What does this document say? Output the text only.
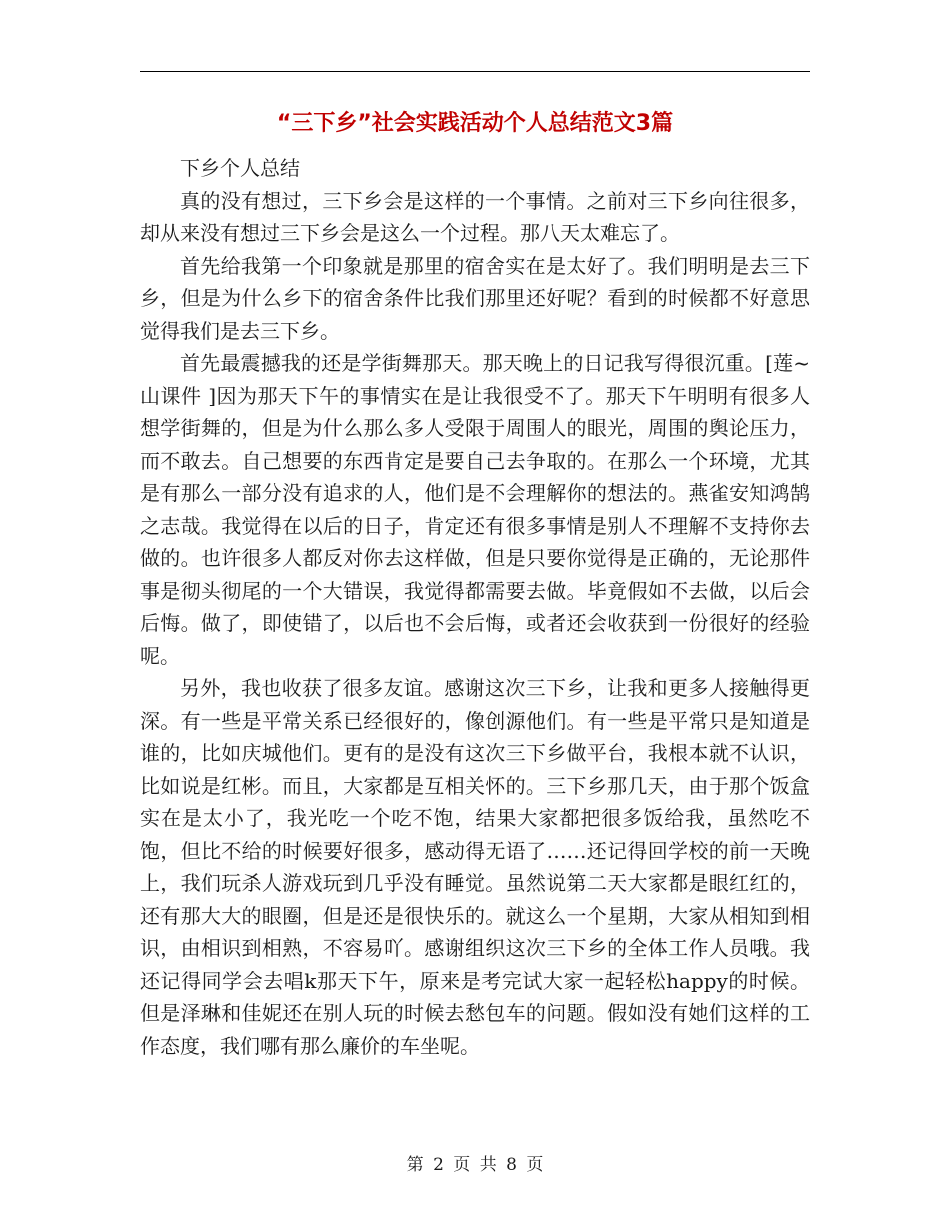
“三下乡”社会实践活动个人总结范文3篇

下乡个人总结

真的没有想过，三下乡会是这样的一个事情。之前对三下乡向往很多，却从来没有想过三下乡会是这么一个过程。那八天太难忘了。

首先给我第一个印象就是那里的宿舍实在是太好了。我们明明是去三下乡，但是为什么乡下的宿舍条件比我们那里还好呢？看到的时候都不好意思觉得我们是去三下乡。

首先最震撼我的还是学街舞那天。那天晚上的日记我写得很沉重。[莲~山课件 ]因为那天下午的事情实在是让我很受不了。那天下午明明有很多人想学街舞的，但是为什么那么多人受限于周围人的眼光，周围的舆论压力，而不敢去。自己想要的东西肯定是要自己去争取的。在那么一个环境，尤其是有那么一部分没有追求的人，他们是不会理解你的想法的。燕雀安知鸿鹄之志哉。我觉得在以后的日子，肯定还有很多事情是别人不理解不支持你去做的。也许很多人都反对你去这样做，但是只要你觉得是正确的，无论那件事是彻头彻尾的一个大错误，我觉得都需要去做。毕竟假如不去做，以后会后悔。做了，即使错了，以后也不会后悔，或者还会收获到一份很好的经验呢。

另外，我也收获了很多友谊。感谢这次三下乡，让我和更多人接触得更深。有一些是平常关系已经很好的，像创源他们。有一些是平常只是知道是谁的，比如庆城他们。更有的是没有这次三下乡做平台，我根本就不认识，比如说是红彬。而且，大家都是互相关怀的。三下乡那几天，由于那个饭盒实在是太小了，我光吃一个吃不饱，结果大家都把很多饭给我，虽然吃不饱，但比不给的时候要好很多，感动得无语了……还记得回学校的前一天晚上，我们玩杀人游戏玩到几乎没有睡觉。虽然说第二天大家都是眼红红的，还有那大大的眼圈，但是还是很快乐的。就这么一个星期，大家从相知到相识，由相识到相熟，不容易吖。感谢组织这次三下乡的全体工作人员哦。我还记得同学会去唱k那天下午，原来是考完试大家一起轻松happy的时候。但是泽琳和佳妮还在别人玩的时候去愁包车的问题。假如没有她们这样的工作态度，我们哪有那么廉价的车坐呢。

第 2 页 共 8 页
